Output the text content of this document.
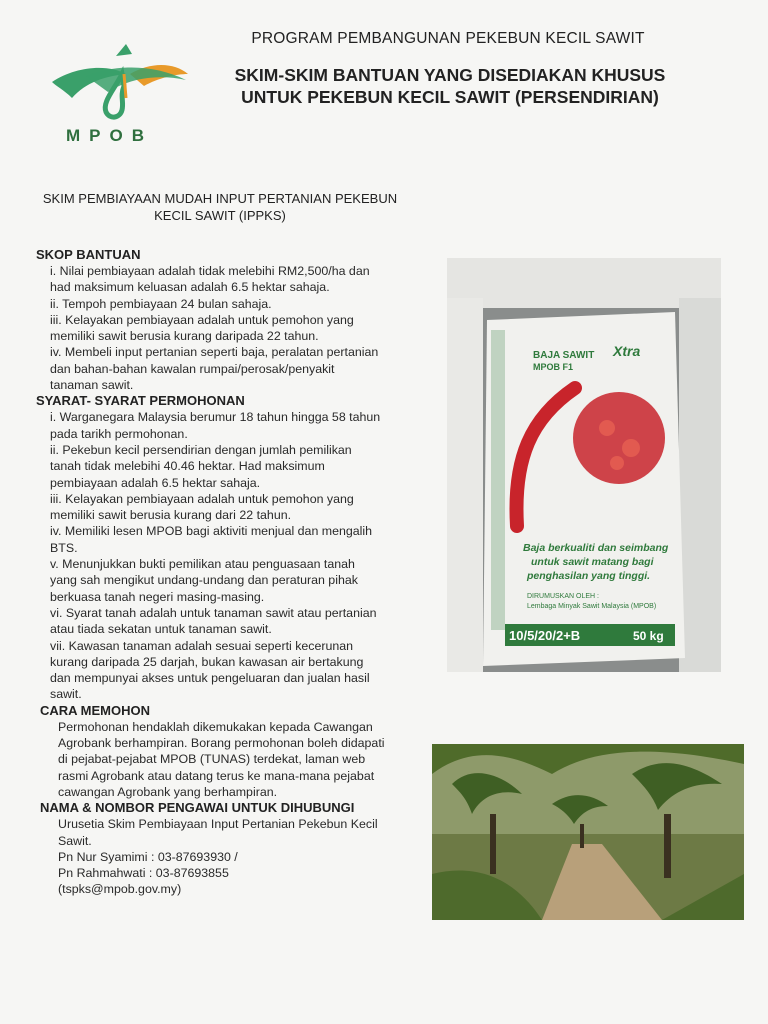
MPOB
PROGRAM PEMBANGUNAN PEKEBUN KECIL SAWIT
SKIM-SKIM BANTUAN YANG DISEDIAKAN KHUSUS
UNTUK PEKEBUN KECIL SAWIT (PERSENDIRIAN)
SKIM PEMBIAYAAN MUDAH INPUT PERTANIAN PEKEBUN
KECIL SAWIT (IPPKS)

SKOP BANTUAN

i. Nilai pembiayaan adalah tidak melebihi RM2,500/ha dan

had maksimum keluasan adalah 6.5 hektar sahaja.

ii. Tempoh pembiayaan 24 bulan sahaja.

iii. Kelayakan pembiayaan adalah untuk pemohon yang

memiliki sawit berusia kurang daripada 22 tahun.

iv. Membeli input pertanian seperti baja, peralatan pertanian

dan bahan-bahan kawalan rumpai/perosak/penyakit

tanaman sawit.

SYARAT- SYARAT PERMOHONAN

i. Warganegara Malaysia berumur 18 tahun hingga 58 tahun

pada tarikh permohonan.

ii. Pekebun kecil persendirian dengan jumlah pemilikan

tanah tidak melebihi 40.46 hektar. Had maksimum

pembiayaan adalah 6.5 hektar sahaja.

iii. Kelayakan pembiayaan adalah untuk pemohon yang

memiliki sawit berusia kurang dari 22 tahun.

iv. Memiliki lesen MPOB bagi aktiviti menjual dan mengalih

BTS.

v. Menunjukkan bukti pemilikan atau penguasaan tanah

yang sah mengikut undang-undang dan peraturan pihak

berkuasa tanah negeri masing-masing.

vi. Syarat tanah adalah untuk tanaman sawit atau pertanian

atau tiada sekatan untuk tanaman sawit.

vii. Kawasan tanaman adalah sesuai seperti kecerunan

kurang daripada 25 darjah, bukan kawasan air bertakung

dan mempunyai akses untuk pengeluaran dan jualan hasil

sawit.

CARA MEMOHON

Permohonan hendaklah dikemukakan kepada Cawangan

Agrobank berhampiran. Borang permohonan boleh didapati

di pejabat-pejabat MPOB (TUNAS) terdekat, laman web

rasmi Agrobank atau datang terus ke mana-mana pejabat

cawangan Agrobank yang berhampiran.

NAMA & NOMBOR PENGAWAI UNTUK DIHUBUNGI

Urusetia Skim Pembiayaan Input Pertanian Pekebun Kecil

Sawit.

Pn Nur Syamimi : 03-87693930 /

Pn Rahmahwati : 03-87693855

(tspks@mpob.gov.my)

BAJA SAWIT
MPOB F1
Xtra
Baja berkualiti dan seimbang
untuk sawit matang bagi
penghasilan yang tinggi.
DIRUMUSKAN OLEH :
Lembaga Minyak Sawit Malaysia (MPOB)
10/5/20/2+B	50 kg
